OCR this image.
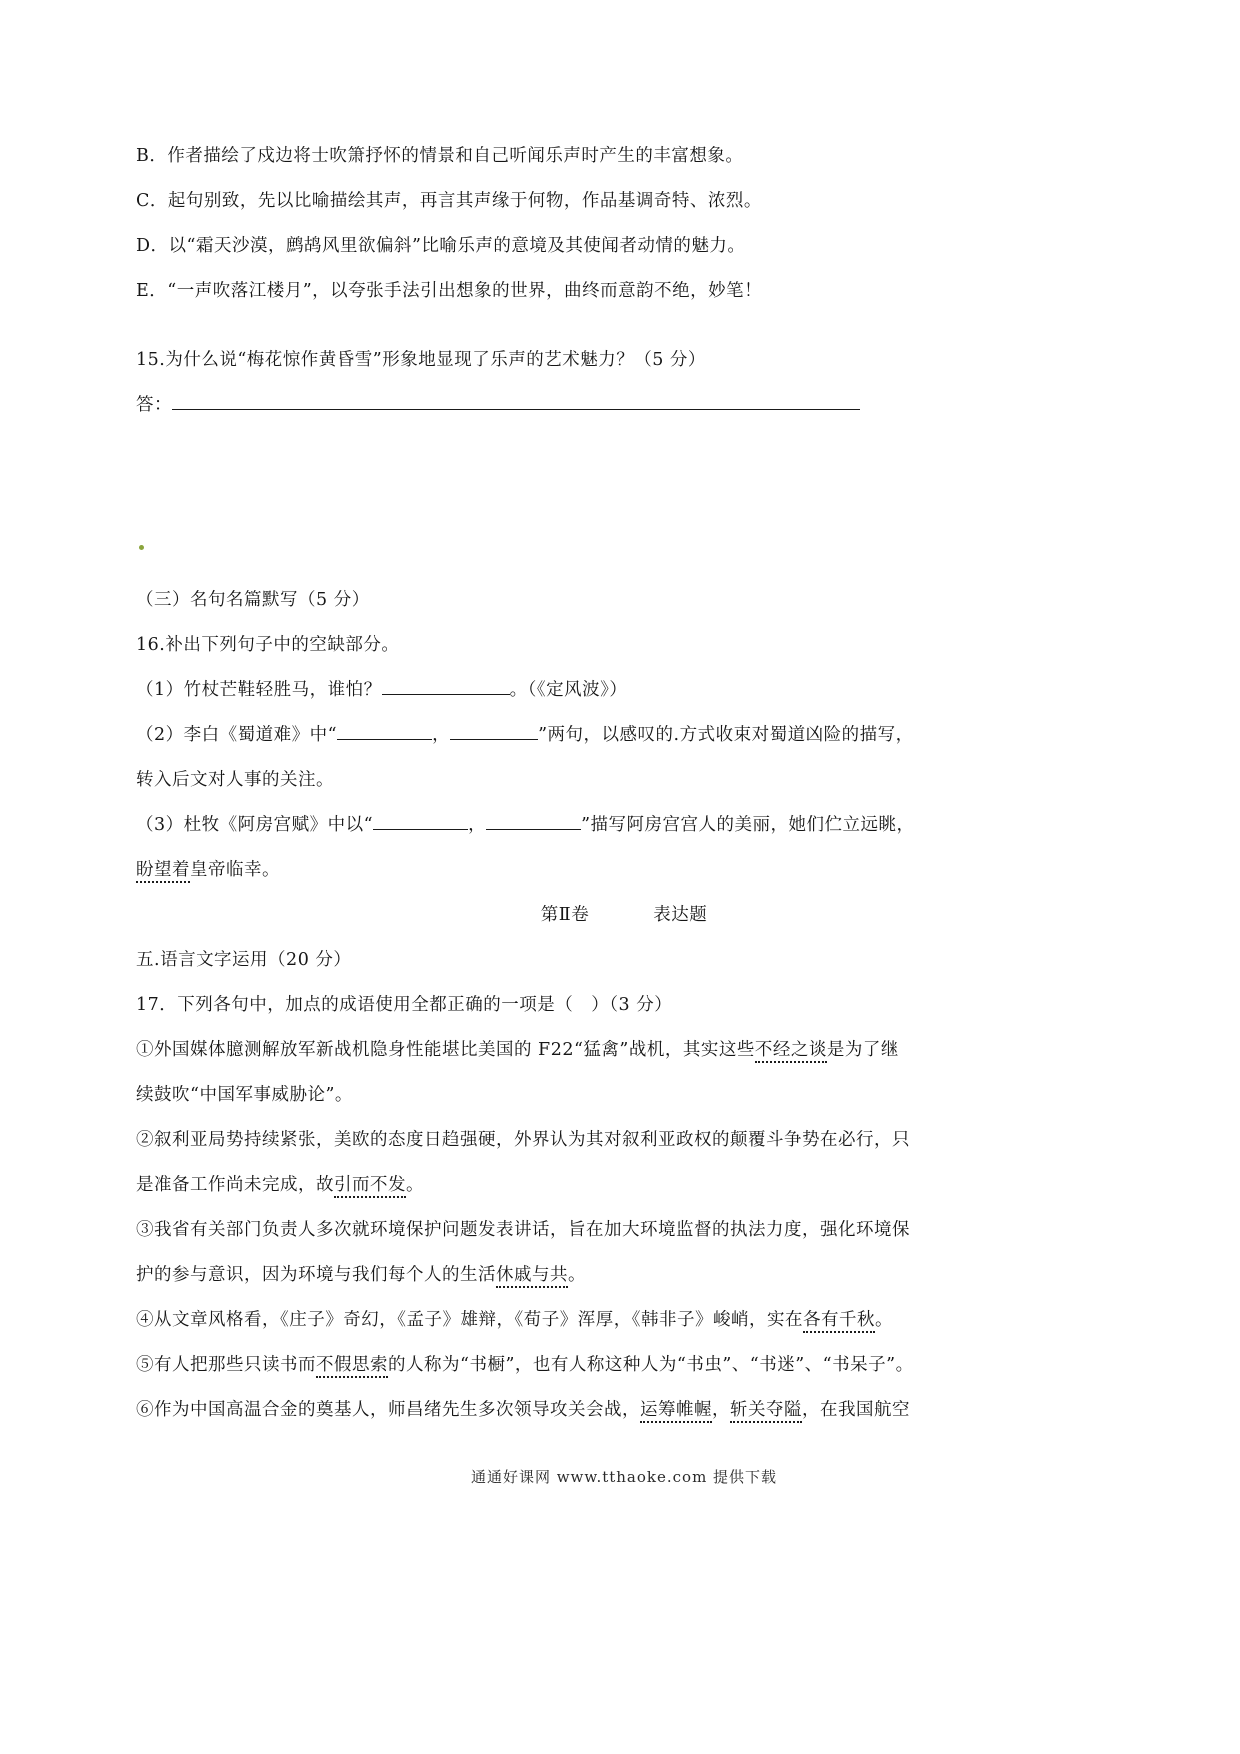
B．作者描绘了戍边将士吹箫抒怀的情景和自己听闻乐声时产生的丰富想象。

C．起句别致，先以比喻描绘其声，再言其声缘于何物，作品基调奇特、浓烈。

D．以“霜天沙漠，鹧鸪风里欲偏斜”比喻乐声的意境及其使闻者动情的魅力。

E．“一声吹落江楼月”，以夸张手法引出想象的世界，曲终而意韵不绝，妙笔！

15.为什么说“梅花惊作黄昏雪”形象地显现了乐声的艺术魅力？（5 分）

答：

（三）名句名篇默写（5 分）

16.补出下列句子中的空缺部分。

（1）竹杖芒鞋轻胜马，谁怕？	。（《定风波》）

（2）李白《蜀道难》中“	，	”两句，以感叹的.方式收束对蜀道凶险的描写，

转入后文对人事的关注。

（3）杜牧《阿房宫赋》中以“	，	”描写阿房宫宫人的美丽，她们伫立远眺，

盼望着皇帝临幸。

第Ⅱ卷	表达题

五.语言文字运用（20 分）

17．下列各句中，加点的成语使用全都正确的一项是（　）（3 分）

①外国媒体臆测解放军新战机隐身性能堪比美国的 F22“猛禽”战机，其实这些不经之谈是为了继

续鼓吹“中国军事威胁论”。

②叙利亚局势持续紧张，美欧的态度日趋强硬，外界认为其对叙利亚政权的颠覆斗争势在必行，只

是准备工作尚未完成，故引而不发。

③我省有关部门负责人多次就环境保护问题发表讲话，旨在加大环境监督的执法力度，强化环境保

护的参与意识，因为环境与我们每个人的生活休戚与共。

④从文章风格看，《庄子》奇幻，《孟子》雄辩，《荀子》浑厚，《韩非子》峻峭，实在各有千秋。

⑤有人把那些只读书而不假思索的人称为“书橱”，也有人称这种人为“书虫”、“书迷”、“书呆子”。

⑥作为中国高温合金的奠基人，师昌绪先生多次领导攻关会战，运筹帷幄，斩关夺隘，在我国航空

通通好课网 www.tthaoke.com 提供下载
